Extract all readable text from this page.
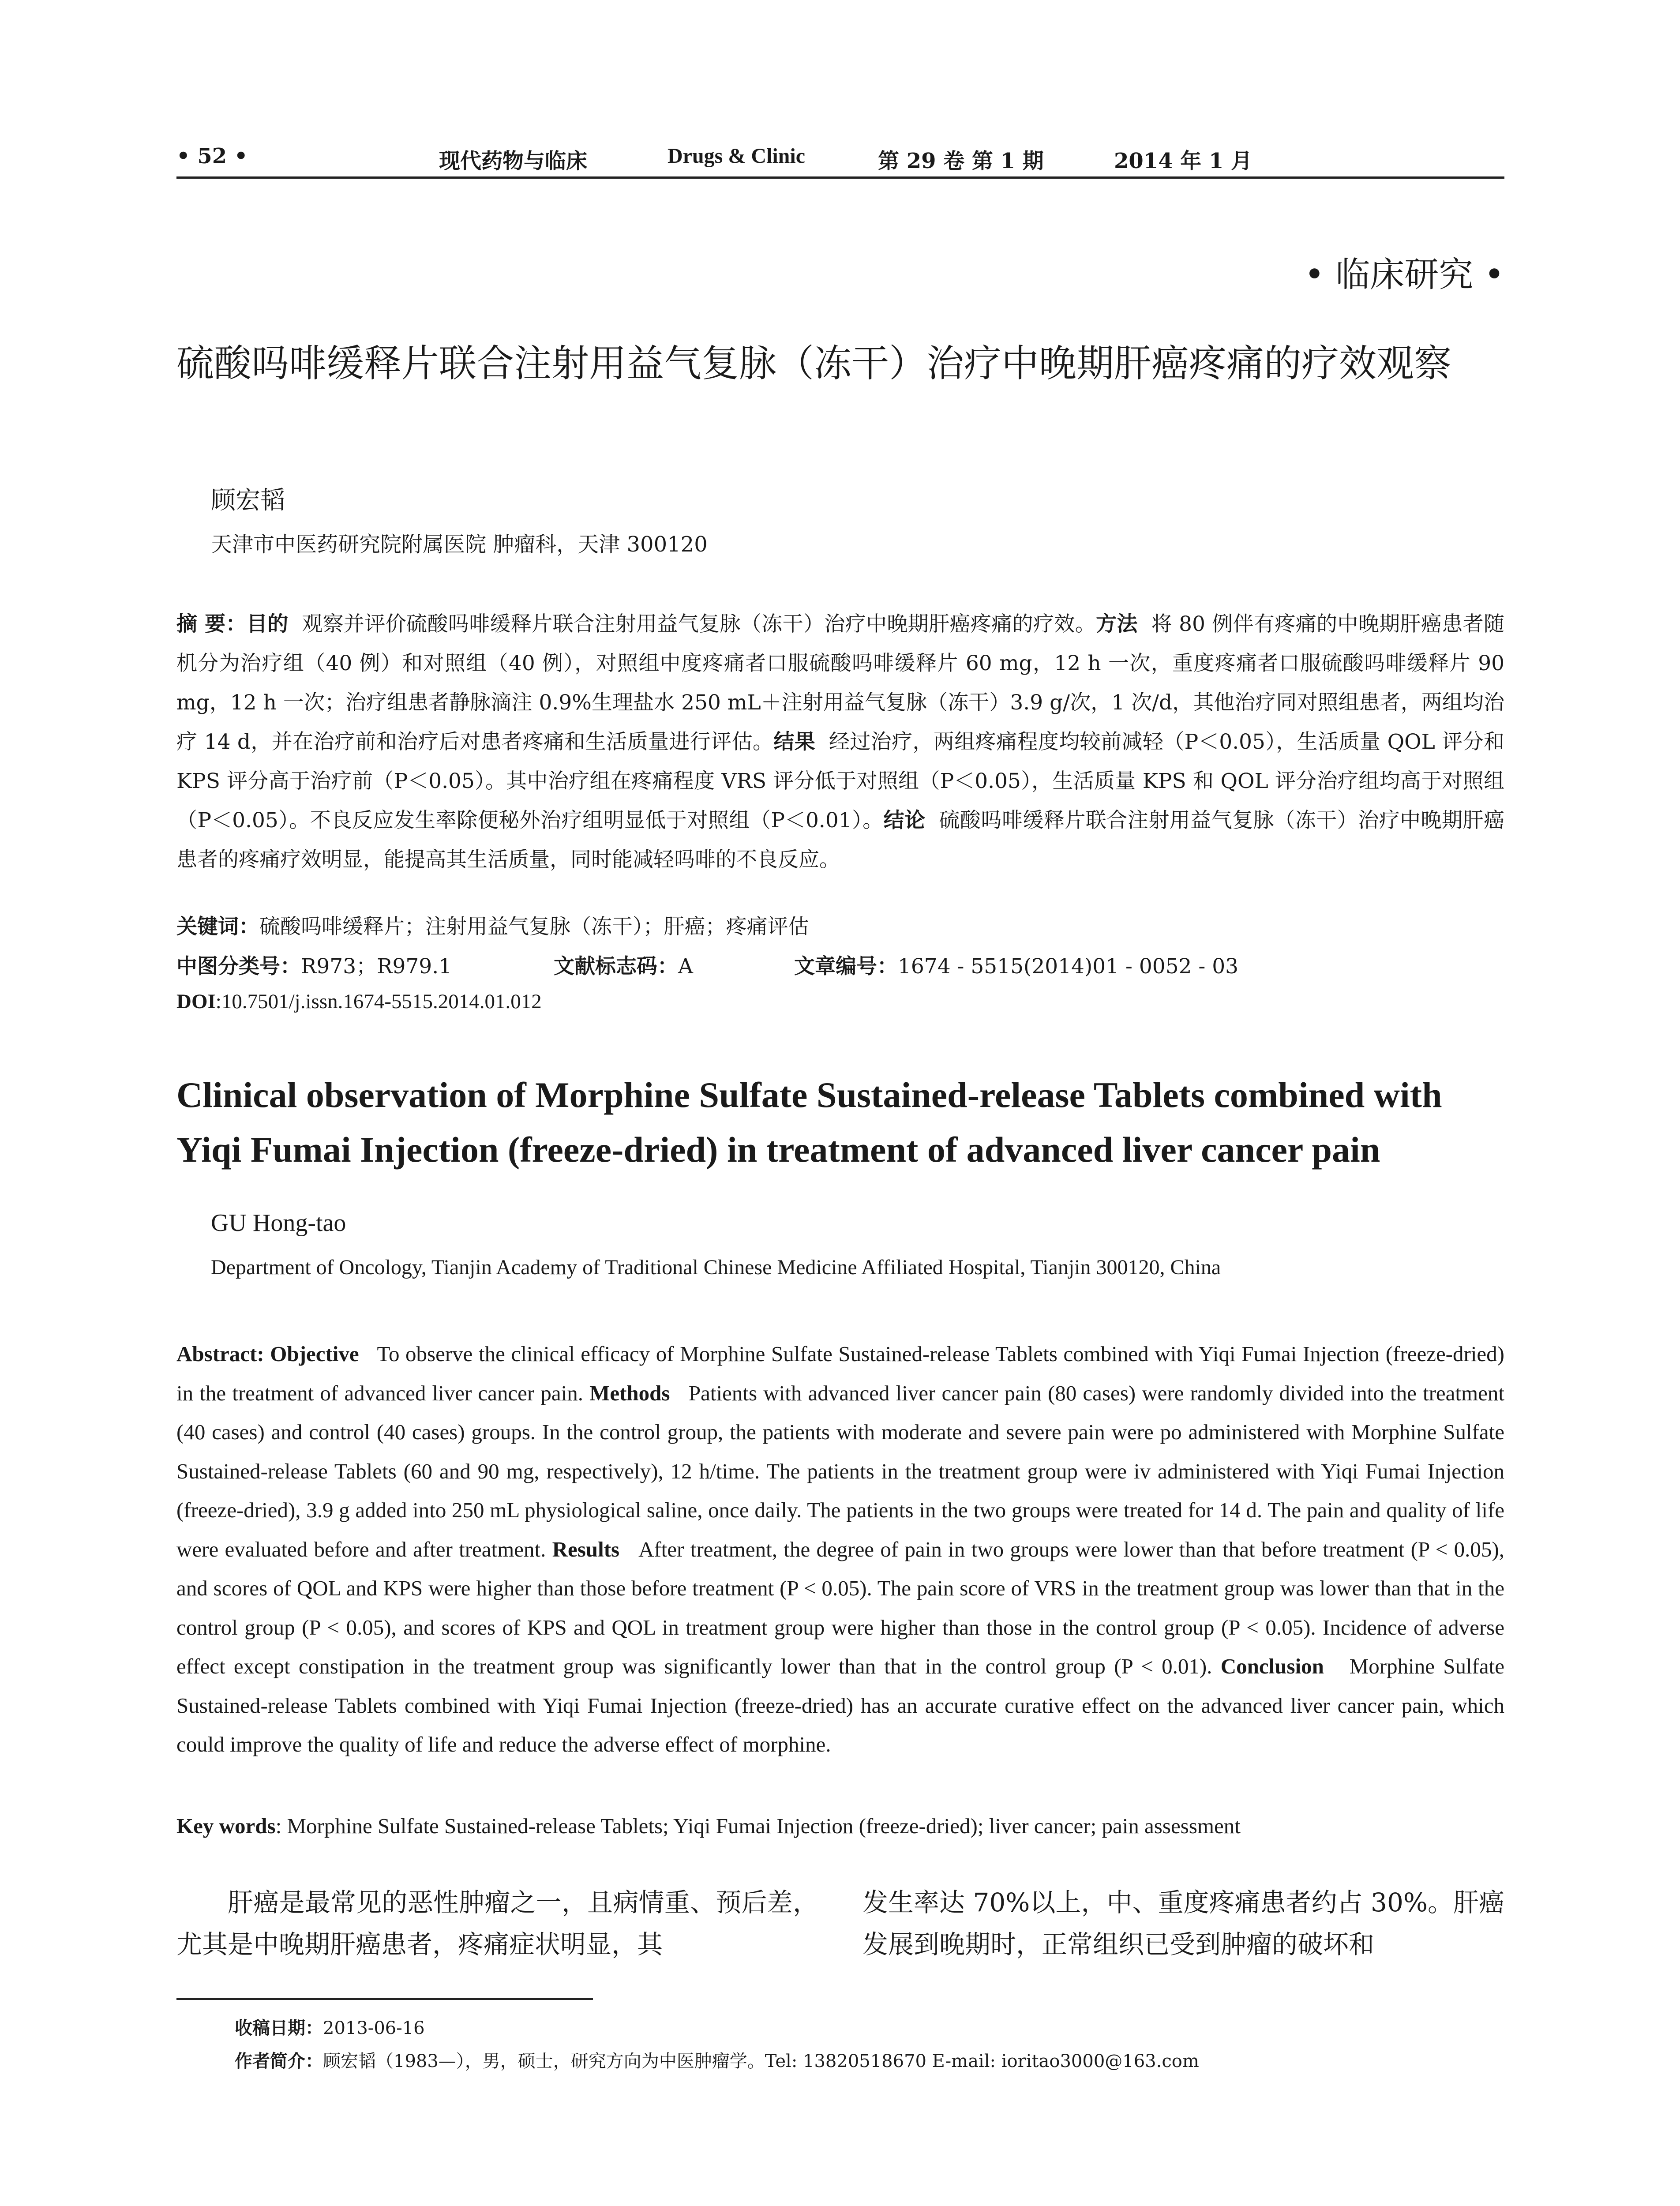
• 52 •	现代药物与临床	Drugs & Clinic	第 29 卷 第 1 期	2014 年 1 月
• 临床研究 •
硫酸吗啡缓释片联合注射用益气复脉（冻干）治疗中晚期肝癌疼痛的疗效观察
顾宏韬
天津市中医药研究院附属医院 肿瘤科，天津 300120
摘 要：目的 观察并评价硫酸吗啡缓释片联合注射用益气复脉（冻干）治疗中晚期肝癌疼痛的疗效。方法 将 80 例伴有疼痛的中晚期肝癌患者随机分为治疗组（40 例）和对照组（40 例），对照组中度疼痛者口服硫酸吗啡缓释片 60 mg，12 h 一次，重度疼痛者口服硫酸吗啡缓释片 90 mg，12 h 一次；治疗组患者静脉滴注 0.9%生理盐水 250 mL＋注射用益气复脉（冻干）3.9 g/次，1 次/d，其他治疗同对照组患者，两组均治疗 14 d，并在治疗前和治疗后对患者疼痛和生活质量进行评估。结果 经过治疗，两组疼痛程度均较前减轻（P＜0.05），生活质量 QOL 评分和 KPS 评分高于治疗前（P＜0.05）。其中治疗组在疼痛程度 VRS 评分低于对照组（P＜0.05），生活质量 KPS 和 QOL 评分治疗组均高于对照组（P＜0.05）。不良反应发生率除便秘外治疗组明显低于对照组（P＜0.01）。结论 硫酸吗啡缓释片联合注射用益气复脉（冻干）治疗中晚期肝癌患者的疼痛疗效明显，能提高其生活质量，同时能减轻吗啡的不良反应。
关键词：硫酸吗啡缓释片；注射用益气复脉（冻干）；肝癌；疼痛评估
中图分类号：R973；R979.1	文献标志码：A	文章编号：1674 - 5515(2014)01 - 0052 - 03
DOI:10.7501/j.issn.1674-5515.2014.01.012
Clinical observation of Morphine Sulfate Sustained-release Tablets combined with Yiqi Fumai Injection (freeze-dried) in treatment of advanced liver cancer pain
GU Hong-tao
Department of Oncology, Tianjin Academy of Traditional Chinese Medicine Affiliated Hospital, Tianjin 300120, China
Abstract: Objective To observe the clinical efficacy of Morphine Sulfate Sustained-release Tablets combined with Yiqi Fumai Injection (freeze-dried) in the treatment of advanced liver cancer pain. Methods Patients with advanced liver cancer pain (80 cases) were randomly divided into the treatment (40 cases) and control (40 cases) groups. In the control group, the patients with moderate and severe pain were po administered with Morphine Sulfate Sustained-release Tablets (60 and 90 mg, respectively), 12 h/time. The patients in the treatment group were iv administered with Yiqi Fumai Injection (freeze-dried), 3.9 g added into 250 mL physiological saline, once daily. The patients in the two groups were treated for 14 d. The pain and quality of life were evaluated before and after treatment. Results After treatment, the degree of pain in two groups were lower than that before treatment (P < 0.05), and scores of QOL and KPS were higher than those before treatment (P < 0.05). The pain score of VRS in the treatment group was lower than that in the control group (P < 0.05), and scores of KPS and QOL in treatment group were higher than those in the control group (P < 0.05). Incidence of adverse effect except constipation in the treatment group was significantly lower than that in the control group (P < 0.01). Conclusion Morphine Sulfate Sustained-release Tablets combined with Yiqi Fumai Injection (freeze-dried) has an accurate curative effect on the advanced liver cancer pain, which could improve the quality of life and reduce the adverse effect of morphine.
Key words: Morphine Sulfate Sustained-release Tablets; Yiqi Fumai Injection (freeze-dried); liver cancer; pain assessment
肝癌是最常见的恶性肿瘤之一，且病情重、预后差，尤其是中晚期肝癌患者，疼痛症状明显，其
发生率达 70%以上，中、重度疼痛患者约占 30%。肝癌发展到晚期时，正常组织已受到肿瘤的破坏和
收稿日期：2013-06-16
作者简介：顾宏韬（1983—），男，硕士，研究方向为中医肿瘤学。Tel: 13820518670 E-mail: ioritao3000@163.com
